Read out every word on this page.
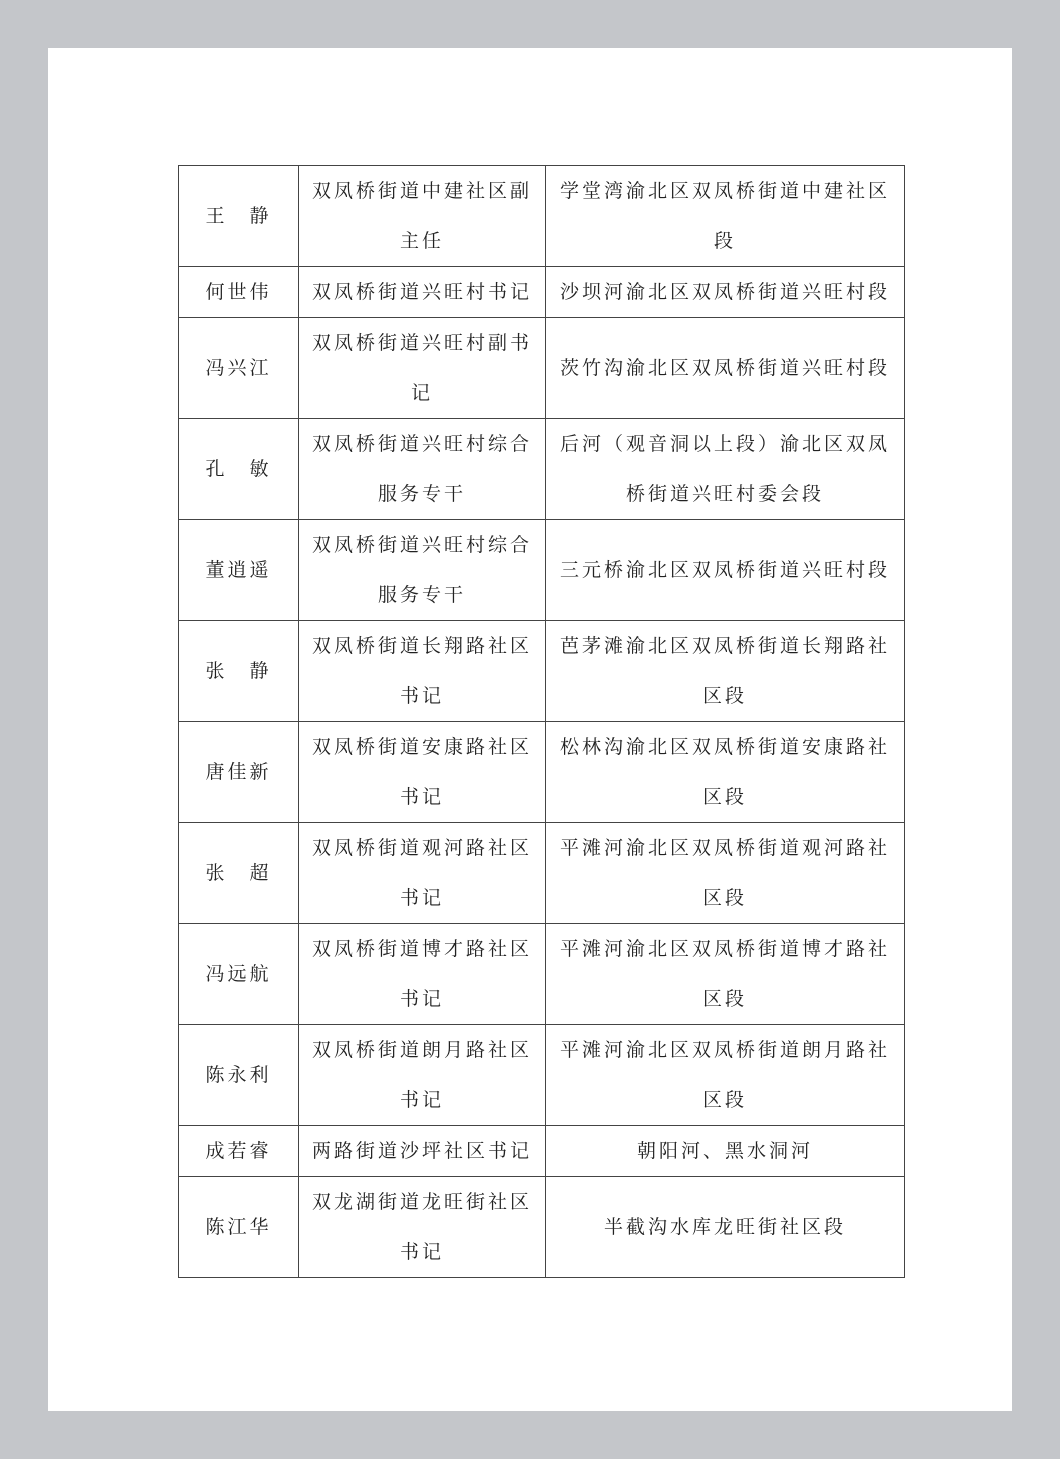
王　静	双凤桥街道中建社区副主任	学堂湾渝北区双凤桥街道中建社区段
何世伟	双凤桥街道兴旺村书记	沙坝河渝北区双凤桥街道兴旺村段
冯兴江	双凤桥街道兴旺村副书记	茨竹沟渝北区双凤桥街道兴旺村段
孔　敏	双凤桥街道兴旺村综合服务专干	后河（观音洞以上段）渝北区双凤桥街道兴旺村委会段
董逍遥	双凤桥街道兴旺村综合服务专干	三元桥渝北区双凤桥街道兴旺村段
张　静	双凤桥街道长翔路社区书记	芭茅滩渝北区双凤桥街道长翔路社区段
唐佳新	双凤桥街道安康路社区书记	松林沟渝北区双凤桥街道安康路社区段
张　超	双凤桥街道观河路社区书记	平滩河渝北区双凤桥街道观河路社区段
冯远航	双凤桥街道博才路社区书记	平滩河渝北区双凤桥街道博才路社区段
陈永利	双凤桥街道朗月路社区书记	平滩河渝北区双凤桥街道朗月路社区段
成若睿	两路街道沙坪社区书记	朝阳河、黑水洞河
陈江华	双龙湖街道龙旺街社区书记	半截沟水库龙旺街社区段
